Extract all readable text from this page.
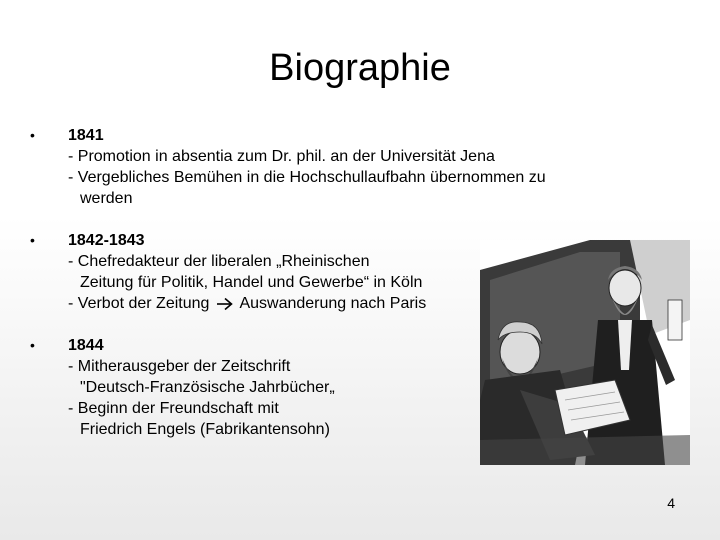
Biographie
• 1841
- Promotion in absentia zum Dr. phil. an der Universität Jena
- Vergebliches Bemühen in die Hochschullaufbahn übernommen zu
werden
• 1842-1843
- Chefredakteur der liberalen „Rheinischen
Zeitung für Politik, Handel und Gewerbe“ in Köln
- Verbot der Zeitung Auswanderung nach Paris
• 1844
- Mitherausgeber der Zeitschrift
"Deutsch-Französische Jahrbücher„
- Beginn der Freundschaft mit
Friedrich Engels (Fabrikantensohn)
4
